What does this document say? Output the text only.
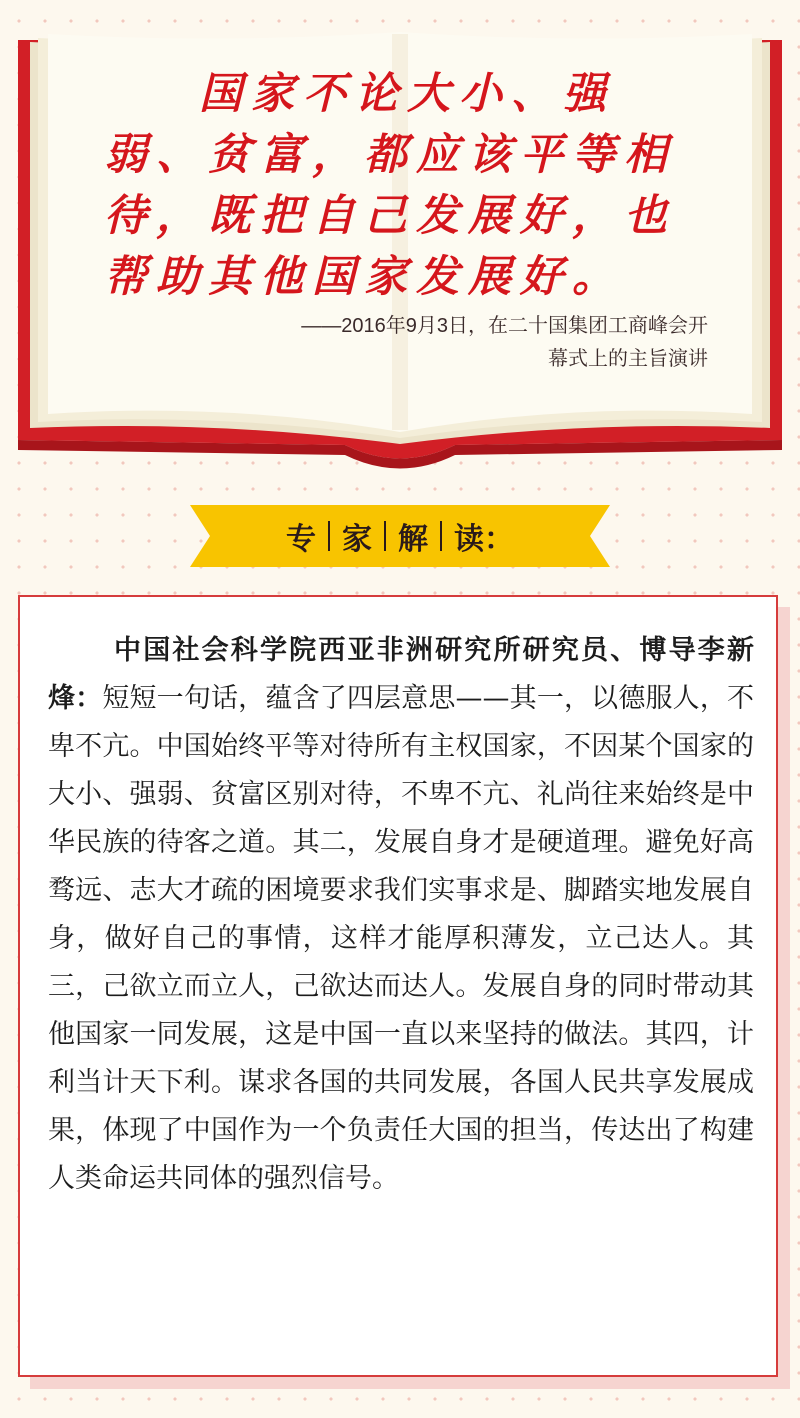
国家不论大小、强弱、贫富，都应该平等相待，既把自己发展好，也帮助其他国家发展好。

——2016年9月3日，在二十国集团工商峰会开幕式上的主旨演讲

专 家 解 读：

中国社会科学院西亚非洲研究所研究员、博导李新烽：短短一句话，蕴含了四层意思——其一，以德服人，不卑不亢。中国始终平等对待所有主权国家，不因某个国家的大小、强弱、贫富区别对待，不卑不亢、礼尚往来始终是中华民族的待客之道。其二，发展自身才是硬道理。避免好高骛远、志大才疏的困境要求我们实事求是、脚踏实地发展自身，做好自己的事情，这样才能厚积薄发，立己达人。其三，己欲立而立人，己欲达而达人。发展自身的同时带动其他国家一同发展，这是中国一直以来坚持的做法。其四，计利当计天下利。谋求各国的共同发展，各国人民共享发展成果，体现了中国作为一个负责任大国的担当，传达出了构建人类命运共同体的强烈信号。
